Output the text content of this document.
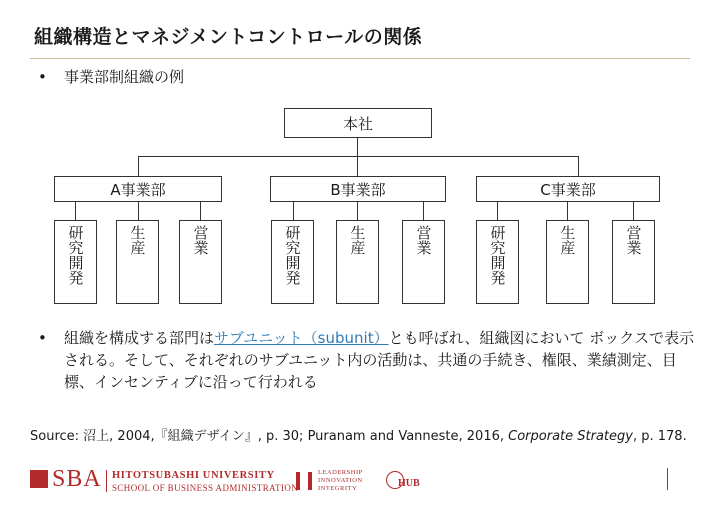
組織構造とマネジメントコントロールの関係
• 事業部制組織の例
本社
A事業部
研究開発	生産	営業
B事業部
研究開発	生産	営業
C事業部
研究開発	生産	営業
• 組織を構成する部門はサブユニット（subunit）とも呼ばれ、組織図において ボックスで表示される。そして、それぞれのサブユニット内の活動は、共通の手続き、権限、業績測定、目標、インセンティブに沿って行われる
Source: 沼上, 2004,『組織デザイン』, p. 30; Puranam and Vanneste, 2016, Corporate Strategy, p. 178.
SBA HITOTSUBASHI UNIVERSITY
SCHOOL OF BUSINESS ADMINISTRATION
LEADERSHIP
INNOVATION
INTEGRITY	HUB
